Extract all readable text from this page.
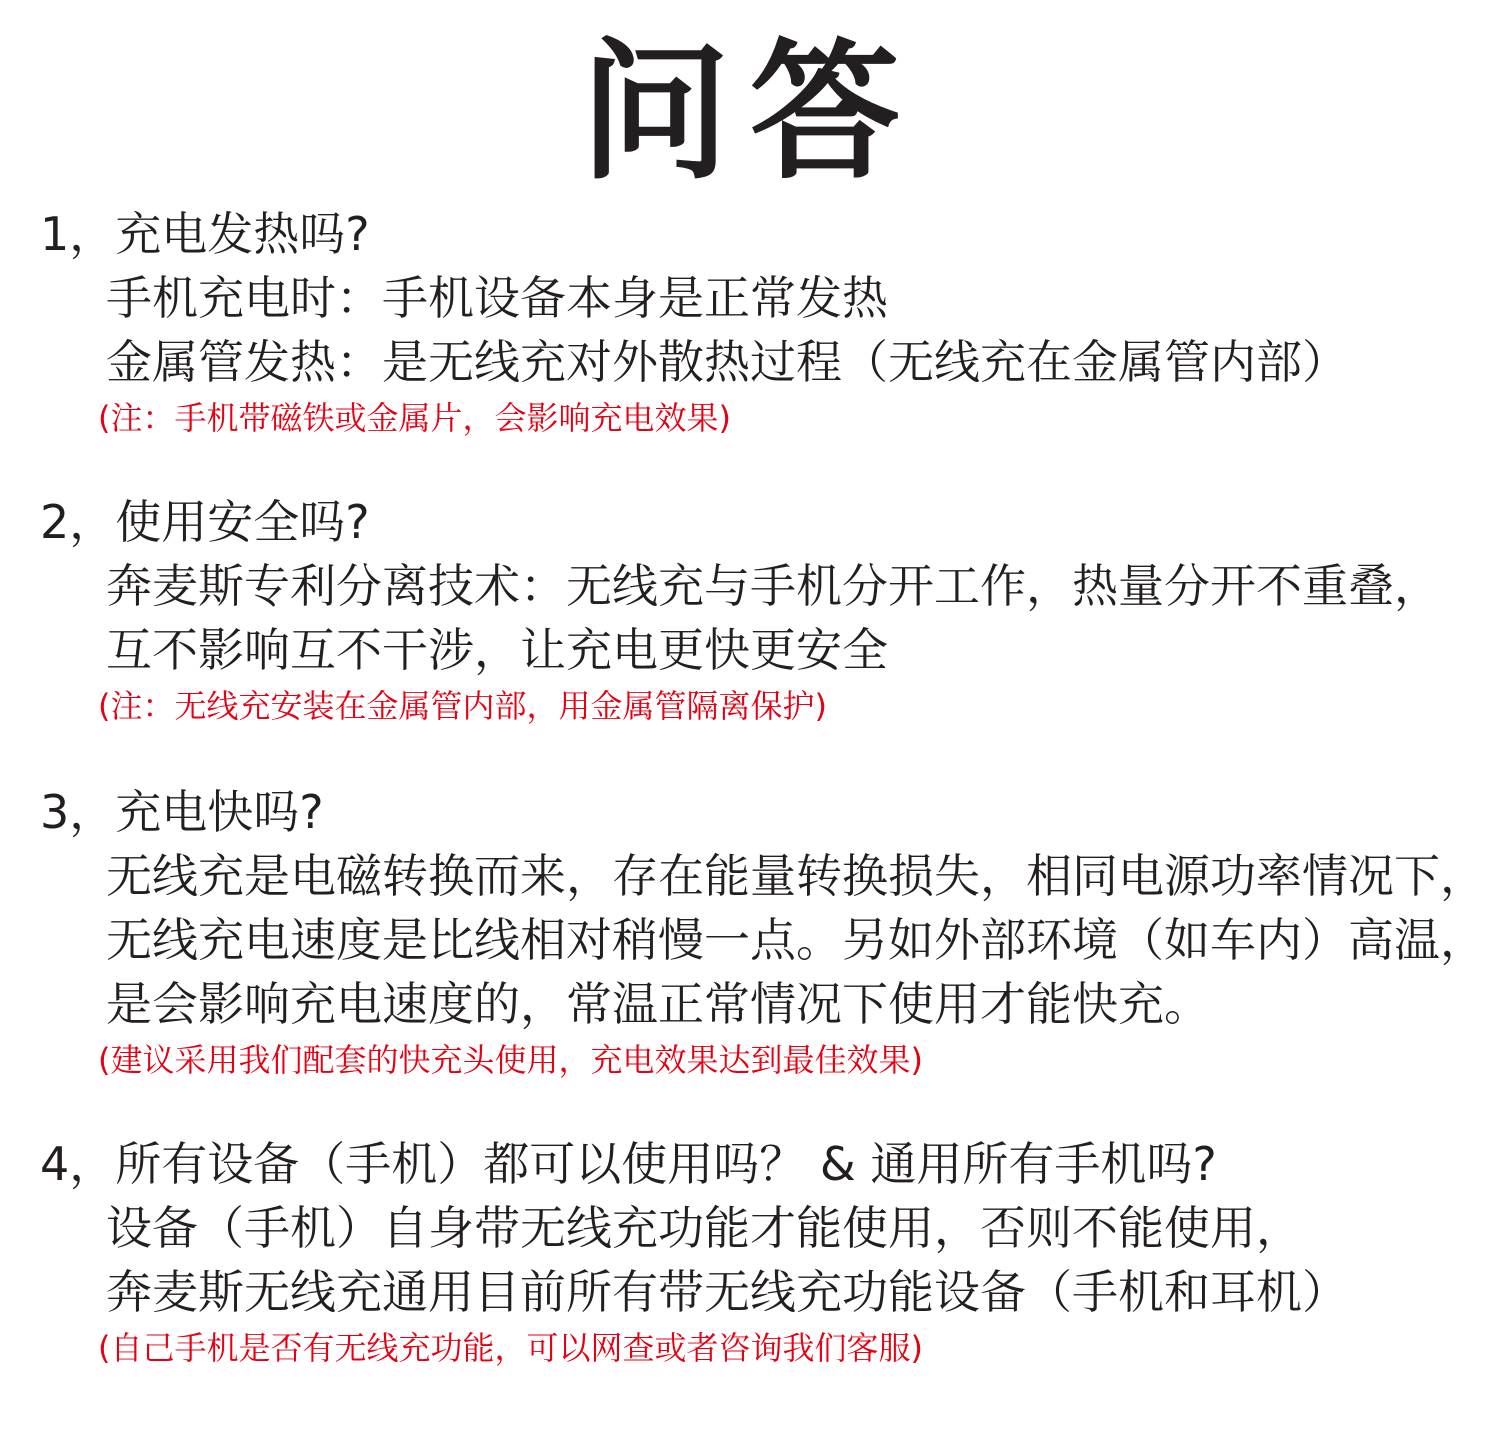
问答
1，充电发热吗?
手机充电时：手机设备本身是正常发热
金属管发热：是无线充对外散热过程（无线充在金属管内部）
(注：手机带磁铁或金属片，会影响充电效果)
2，使用安全吗?
奔麦斯专利分离技术：无线充与手机分开工作，热量分开不重叠，
互不影响互不干涉，让充电更快更安全
(注：无线充安装在金属管内部，用金属管隔离保护)
3，充电快吗?
无线充是电磁转换而来，存在能量转换损失，相同电源功率情况下，
无线充电速度是比线相对稍慢一点。另如外部环境（如车内）高温，
是会影响充电速度的，常温正常情况下使用才能快充。
(建议采用我们配套的快充头使用，充电效果达到最佳效果)
4，所有设备（手机）都可以使用吗？ & 通用所有手机吗?
设备（手机）自身带无线充功能才能使用，否则不能使用，
奔麦斯无线充通用目前所有带无线充功能设备（手机和耳机）
(自己手机是否有无线充功能，可以网查或者咨询我们客服)
